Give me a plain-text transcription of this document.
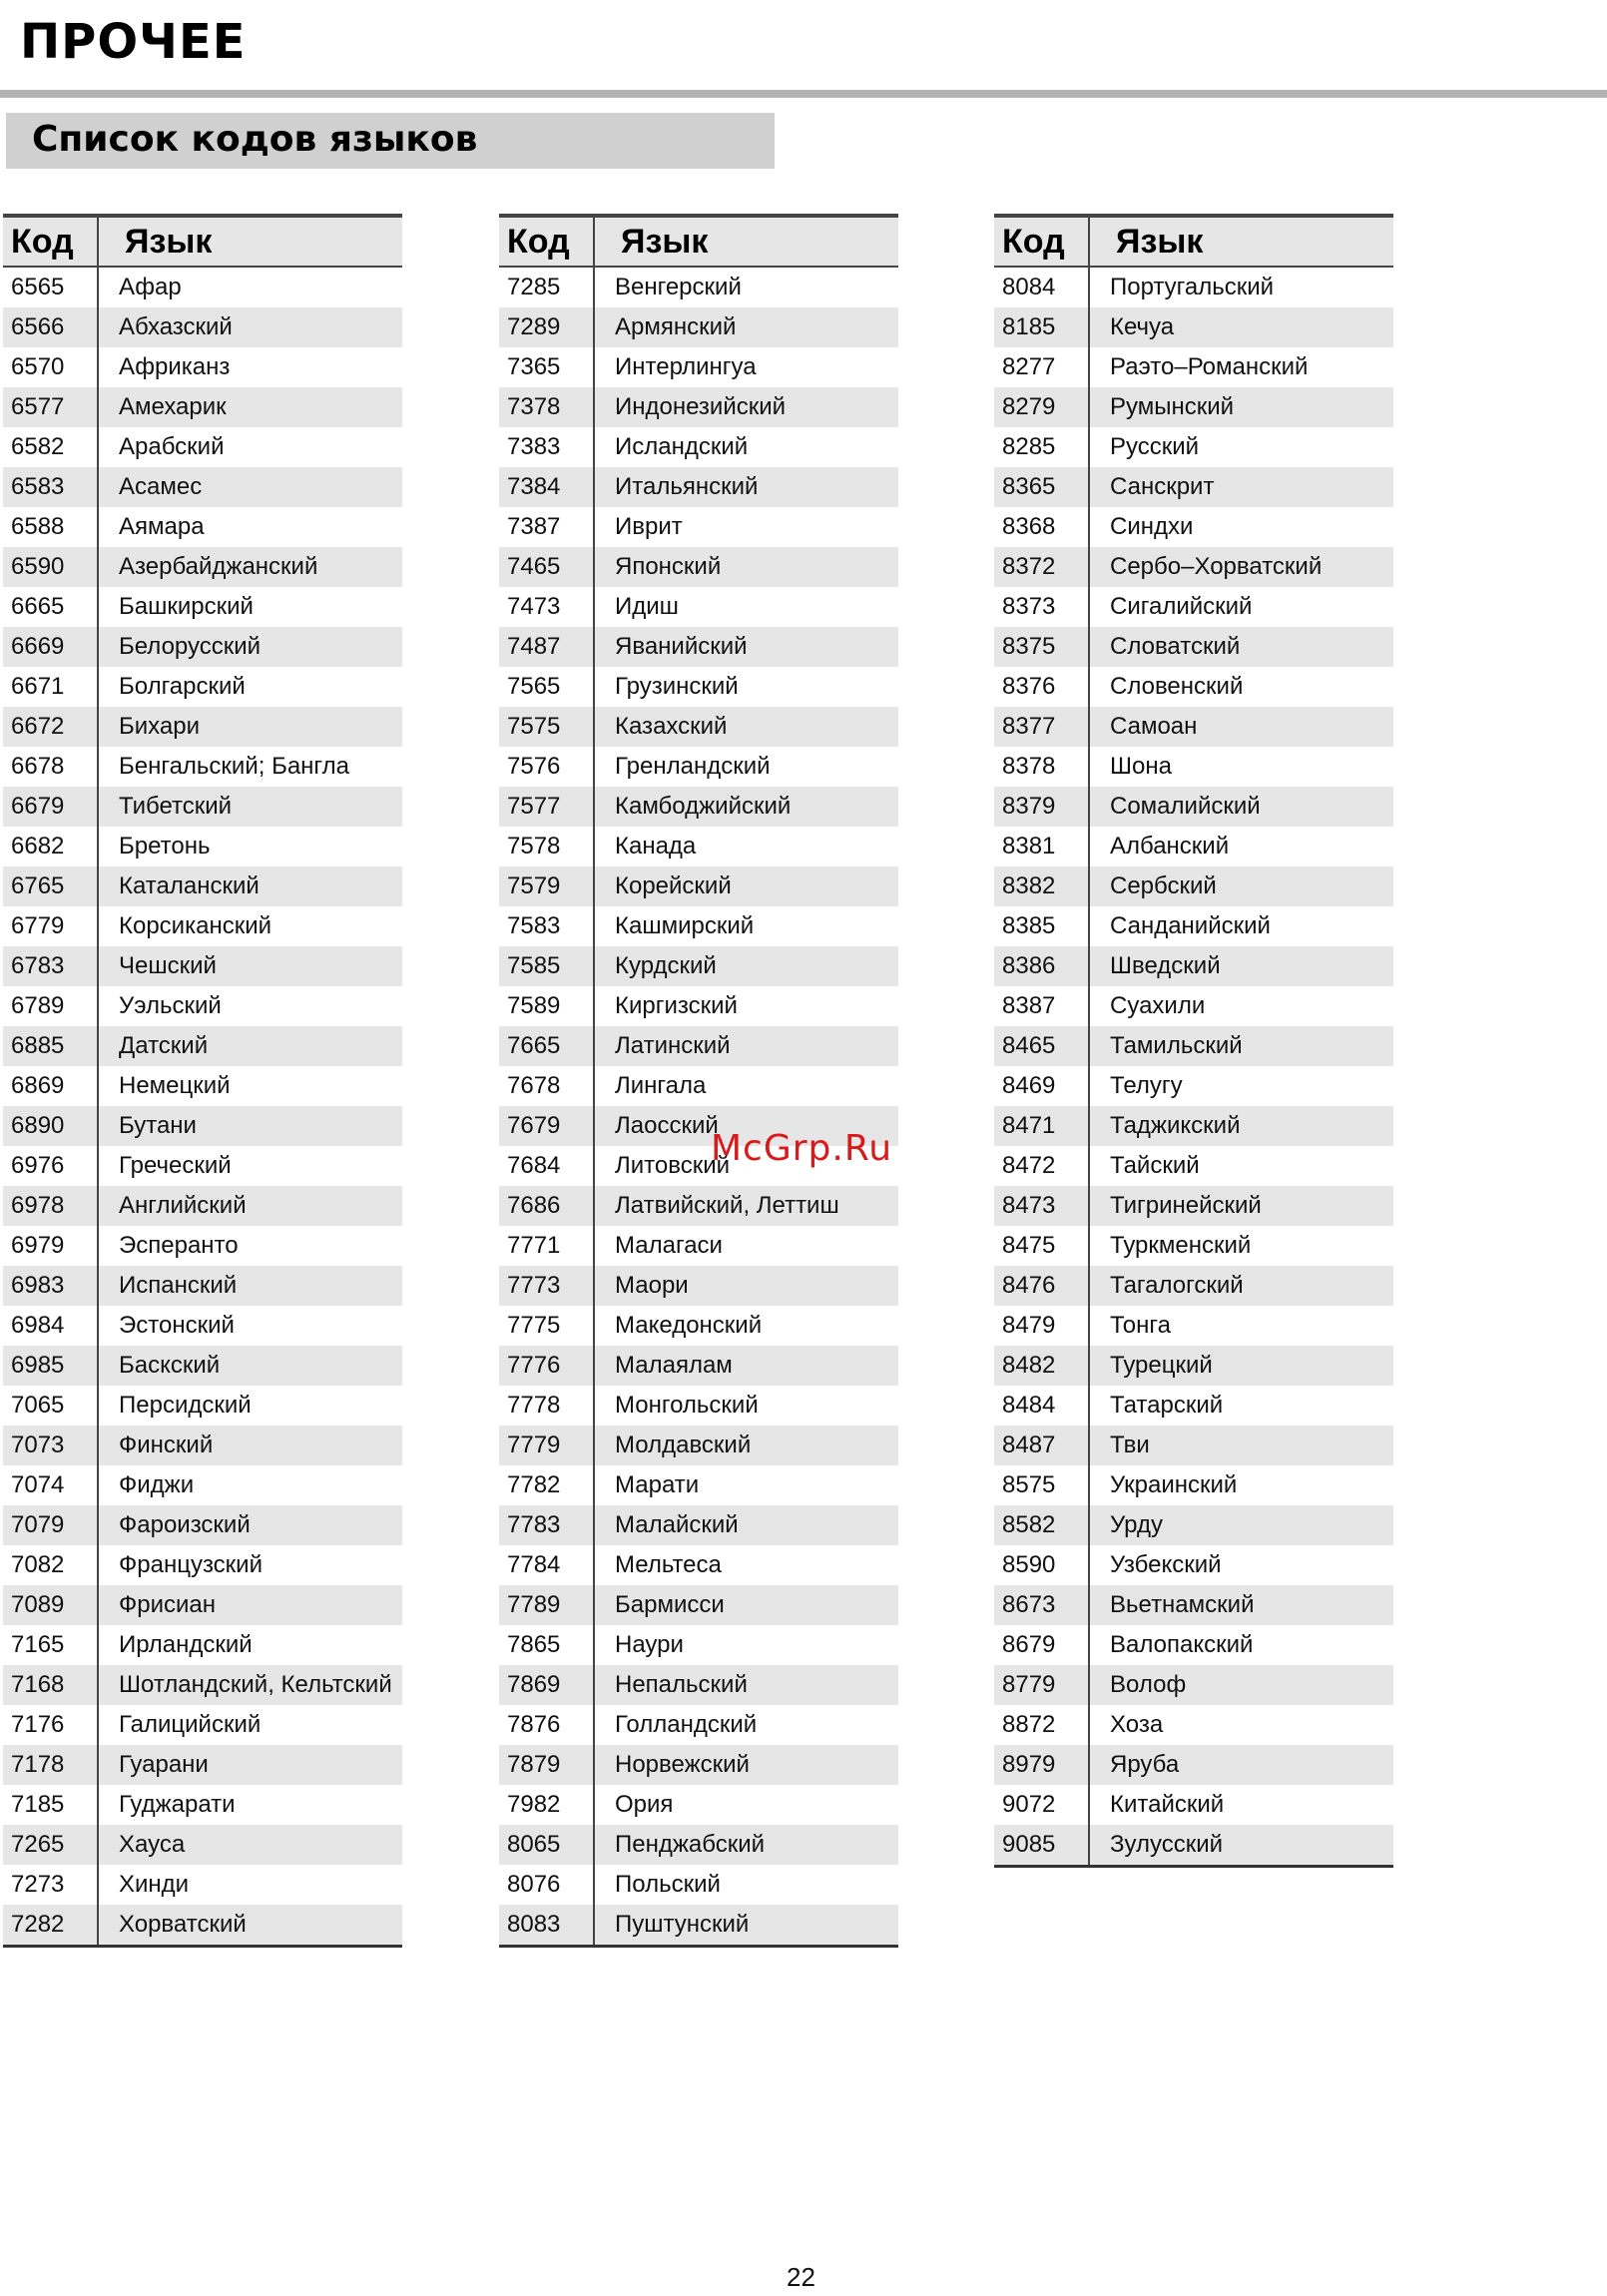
ПРОЧЕЕ
Список кодов языков
Код	Язык
6565	Афар
6566	Абхазский
6570	Африканз
6577	Амехарик
6582	Арабский
6583	Асамес
6588	Аямара
6590	Азербайджанский
6665	Башкирский
6669	Белорусский
6671	Болгарский
6672	Бихари
6678	Бенгальский; Бангла
6679	Тибетский
6682	Бретонь
6765	Каталанский
6779	Корсиканский
6783	Чешский
6789	Уэльский
6885	Датский
6869	Немецкий
6890	Бутани
6976	Греческий
6978	Английский
6979	Эсперанто
6983	Испанский
6984	Эстонский
6985	Баскский
7065	Персидский
7073	Финский
7074	Фиджи
7079	Фароизский
7082	Французский
7089	Фрисиан
7165	Ирландский
7168	Шотландский, Кельтский
7176	Галицийский
7178	Гуарани
7185	Гуджарати
7265	Хауса
7273	Хинди
7282	Хорватский
Код	Язык
7285	Венгерский
7289	Армянский
7365	Интерлингуа
7378	Индонезийский
7383	Исландский
7384	Итальянский
7387	Иврит
7465	Японский
7473	Идиш
7487	Яванийский
7565	Грузинский
7575	Казахский
7576	Гренландский
7577	Камбоджийский
7578	Канада
7579	Корейский
7583	Кашмирский
7585	Курдский
7589	Киргизский
7665	Латинский
7678	Лингала
7679	Лаосский
7684	Литовский
7686	Латвийский, Леттиш
7771	Малагаси
7773	Маори
7775	Македонский
7776	Малаялам
7778	Монгольский
7779	Молдавский
7782	Марати
7783	Малайский
7784	Мельтеса
7789	Бармисси
7865	Наури
7869	Непальский
7876	Голландский
7879	Норвежский
7982	Ория
8065	Пенджабский
8076	Польский
8083	Пуштунский
Код	Язык
8084	Португальский
8185	Кечуа
8277	Раэто–Романский
8279	Румынский
8285	Русский
8365	Санскрит
8368	Синдхи
8372	Сербо–Хорватский
8373	Сигалийский
8375	Словатский
8376	Словенский
8377	Самоан
8378	Шона
8379	Сомалийский
8381	Албанский
8382	Сербский
8385	Санданийский
8386	Шведский
8387	Суахили
8465	Тамильский
8469	Телугу
8471	Таджикский
8472	Тайский
8473	Тигринейский
8475	Туркменский
8476	Тагалогский
8479	Тонга
8482	Турецкий
8484	Татарский
8487	Тви
8575	Украинский
8582	Урду
8590	Узбекский
8673	Вьетнамский
8679	Валопакский
8779	Волоф
8872	Хоза
8979	Яруба
9072	Китайский
9085	Зулусский
McGrp.Ru
22
